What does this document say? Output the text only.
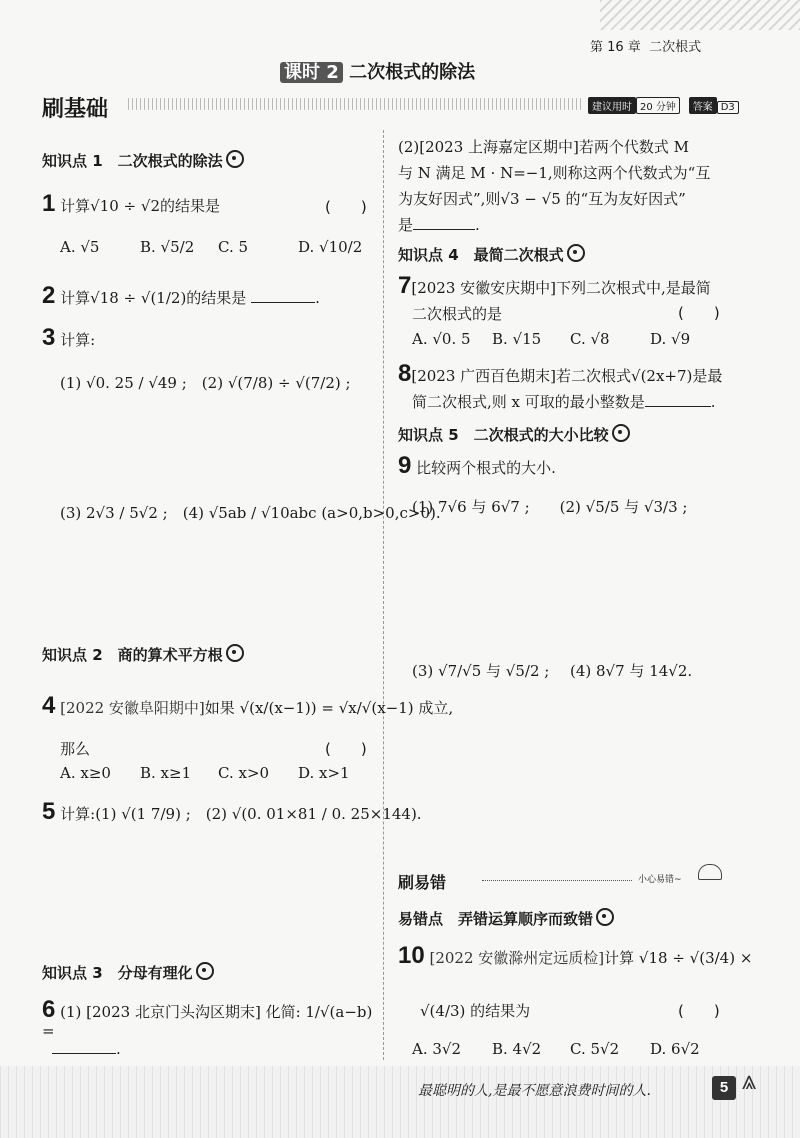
第 16 章 二次根式
课时 2 二次根式的除法
刷基础	建议用时 20 分钟 答案 D3
知识点 1　二次根式的除法
1 计算√10 ÷ √2的结果是	(　　)
A. √5	B. √5/2 C. 5	D. √10/2
2 计算√18 ÷ √(1/2)的结果是	.
3 计算:
(1) √0. 25 / √49 ;　(2) √(7/8) ÷ √(7/2) ;
(3) 2√3 / 5√2 ;　(4) √5ab / √10abc (a>0,b>0,c>0).
知识点 2　商的算术平方根
4 [2022 安徽阜阳期中]如果 √(x/(x−1)) = √x/√(x−1) 成立,
那么	(　　)
A. x≥0 B. x≥1 C. x>0 D. x>1
5 计算:(1) √(1 7/9) ;　(2) √(0. 01×81 / 0. 25×144).
知识点 3　分母有理化
6 (1) [2023 北京门头沟区期末] 化简: 1/√(a−b) =
.
(2)[2023 上海嘉定区期中]若两个代数式 M
与 N 满足 M · N=−1,则称这两个代数式为“互
为友好因式”,则√3 − √5 的“互为友好因式”
是	.
知识点 4　最简二次根式
7[2023 安徽安庆期中]下列二次根式中,是最简
二次根式的是	(　　)
A. √0. 5 B. √15 C. √8	D. √9
8[2023 广西百色期末]若二次根式√(2x+7)是最
简二次根式,则 x 可取的最小整数是	.
知识点 5　二次根式的大小比较
9 比较两个根式的大小.
(1) 7√6 与 6√7 ;　　(2) √5/5 与 √3/3 ;
(3) √7/√5 与 √5/2 ; (4) 8√7 与 14√2.
刷易错	小心易错~
易错点　弄错运算顺序而致错
10 [2022 安徽滁州定远质检]计算 √18 ÷ √(3/4) ×
√(4/3) 的结果为	(　　)
A. 3√2 B. 4√2 C. 5√2 D. 6√2
最聪明的人,是最不愿意浪费时间的人.	5 ⩓
